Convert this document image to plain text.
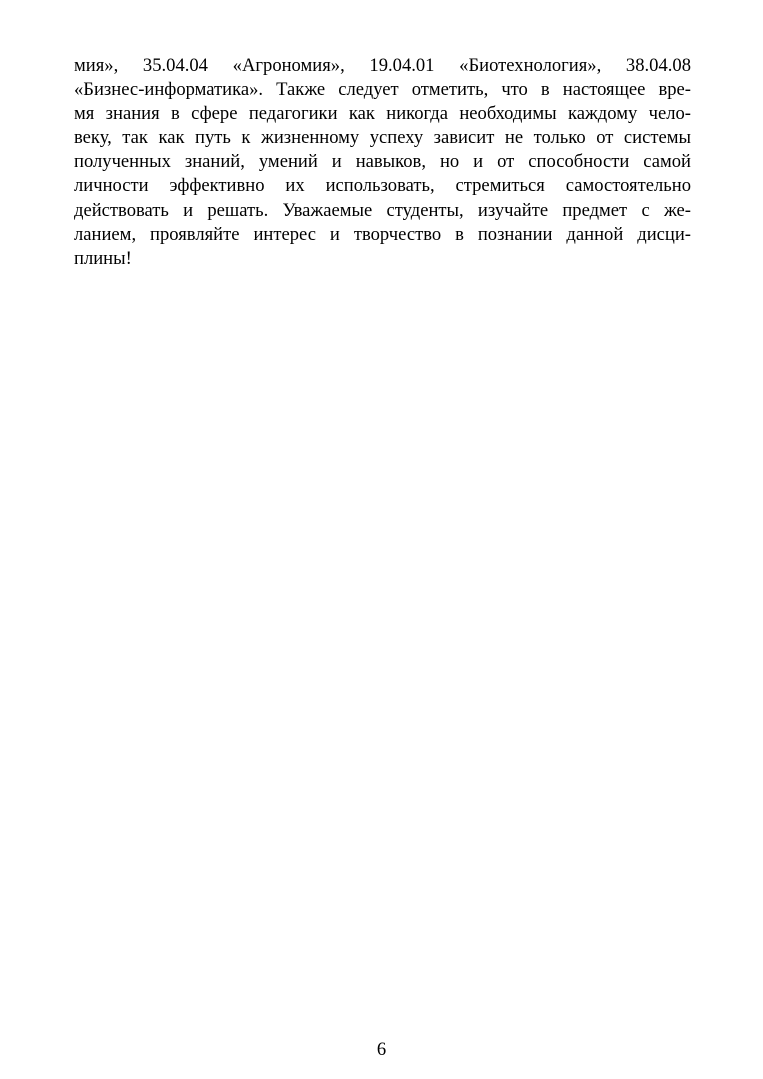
мия», 35.04.04 «Агрономия», 19.04.01 «Биотехнология», 38.04.08
«Бизнес-информатика». Также следует отметить, что в настоящее вре-
мя знания в сфере педагогики как никогда необходимы каждому чело-
веку, так как путь к жизненному успеху зависит не только от системы
полученных знаний, умений и навыков, но и от способности самой
личности эффективно их использовать, стремиться самостоятельно
действовать и решать. Уважаемые студенты, изучайте предмет с же-
ланием, проявляйте интерес и творчество в познании данной дисци-
плины!
6
